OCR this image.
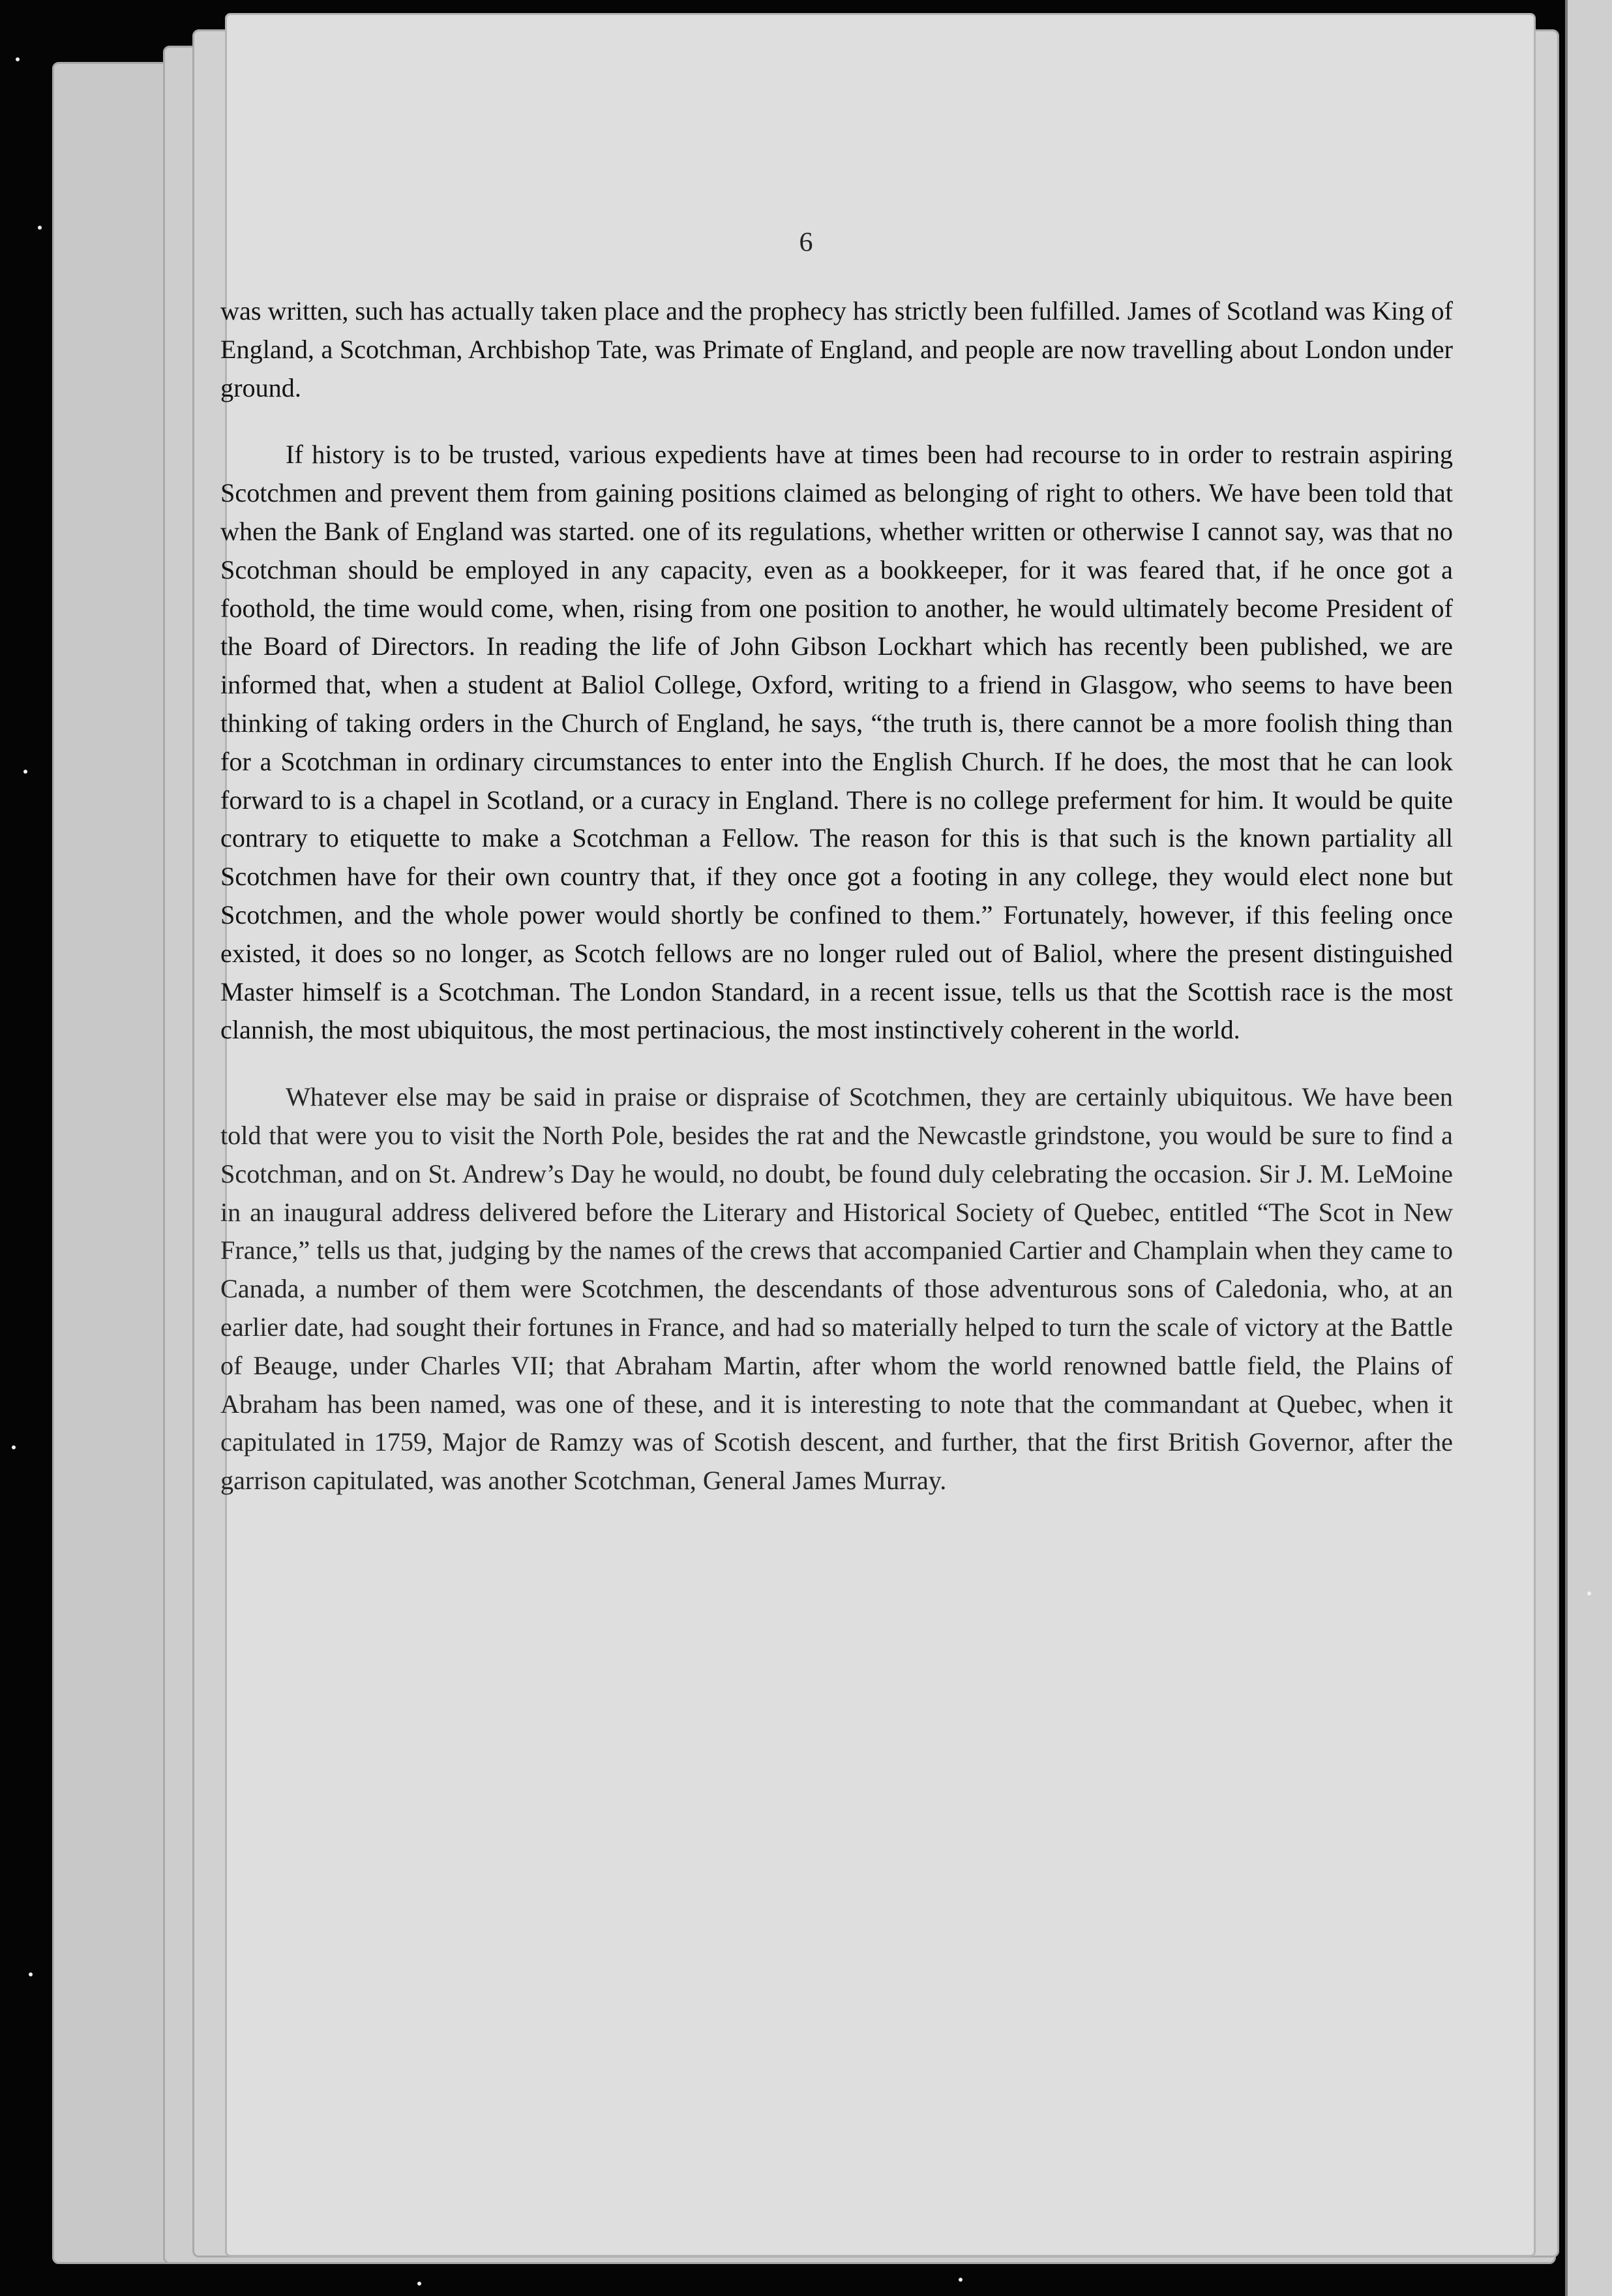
6

was written, such has actually taken place and the prophecy has strictly been fulfilled. James of Scotland was King of England, a Scotchman, Archbishop Tate, was Primate of England, and people are now travelling about London under ground.

If history is to be trusted, various expedients have at times been had recourse to in order to restrain aspiring Scotchmen and prevent them from gaining positions claimed as belonging of right to others. We have been told that when the Bank of England was started. one of its regulations, whether written or otherwise I cannot say, was that no Scotchman should be employed in any capacity, even as a bookkeeper, for it was feared that, if he once got a foothold, the time would come, when, rising from one position to another, he would ultimately become President of the Board of Directors. In reading the life of John Gibson Lockhart which has recently been published, we are informed that, when a student at Baliol College, Oxford, writing to a friend in Glasgow, who seems to have been thinking of taking orders in the Church of England, he says, “the truth is, there cannot be a more foolish thing than for a Scotchman in ordinary circumstances to enter into the English Church. If he does, the most that he can look forward to is a chapel in Scotland, or a curacy in England. There is no college preferment for him. It would be quite contrary to etiquette to make a Scotchman a Fellow. The reason for this is that such is the known partiality all Scotchmen have for their own country that, if they once got a footing in any college, they would elect none but Scotchmen, and the whole power would shortly be confined to them.” Fortunately, however, if this feeling once existed, it does so no longer, as Scotch fellows are no longer ruled out of Baliol, where the present distinguished Master himself is a Scotchman. The London Standard, in a recent issue, tells us that the Scottish race is the most clannish, the most ubiquitous, the most pertinacious, the most instinctively coherent in the world.

Whatever else may be said in praise or dispraise of Scotchmen, they are certainly ubiquitous. We have been told that were you to visit the North Pole, besides the rat and the Newcastle grindstone, you would be sure to find a Scotchman, and on St. Andrew’s Day he would, no doubt, be found duly celebrating the occasion. Sir J. M. LeMoine in an inaugural address delivered before the Literary and Historical Society of Quebec, entitled “The Scot in New France,” tells us that, judging by the names of the crews that accompanied Cartier and Champlain when they came to Canada, a number of them were Scotchmen, the descendants of those adventurous sons of Caledonia, who, at an earlier date, had sought their fortunes in France, and had so materially helped to turn the scale of victory at the Battle of Beauge, under Charles VII; that Abraham Martin, after whom the world renowned battle field, the Plains of Abraham has been named, was one of these, and it is interesting to note that the commandant at Quebec, when it capitulated in 1759, Major de Ramzy was of Scotish descent, and further, that the first British Governor, after the garrison capitulated, was another Scotchman, General James Murray.
